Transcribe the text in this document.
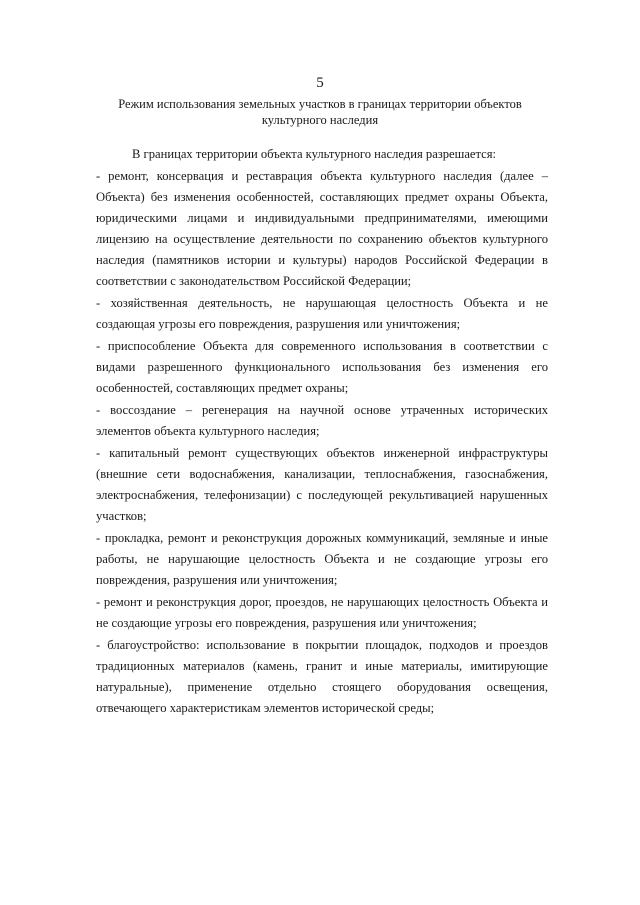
5
Режим использования земельных участков в границах территории объектов культурного наследия

В границах территории объекта культурного наследия разрешается:

- ремонт, консервация и реставрация объекта культурного наследия (далее – Объекта) без изменения особенностей, составляющих предмет охраны Объекта, юридическими лицами и индивидуальными предпринимателями, имеющими лицензию на осуществление деятельности по сохранению объектов культурного наследия (памятников истории и культуры) народов Российской Федерации в соответствии с законодательством Российской Федерации;

- хозяйственная деятельность, не нарушающая целостность Объекта и не создающая угрозы его повреждения, разрушения или уничтожения;

- приспособление Объекта для современного использования в соответствии с видами разрешенного функционального использования без изменения его особенностей, составляющих предмет охраны;

- воссоздание – регенерация на научной основе утраченных исторических элементов объекта культурного наследия;

- капитальный ремонт существующих объектов инженерной инфраструктуры (внешние сети водоснабжения, канализации, теплоснабжения, газоснабжения, электроснабжения, телефонизации) с последующей рекультивацией нарушенных участков;

- прокладка, ремонт и реконструкция дорожных коммуникаций, земляные и иные работы, не нарушающие целостность Объекта и не создающие угрозы его повреждения, разрушения или уничтожения;

- ремонт и реконструкция дорог, проездов, не нарушающих целостность Объекта и не создающие угрозы его повреждения, разрушения или уничтожения;

- благоустройство: использование в покрытии площадок, подходов и проездов традиционных материалов (камень, гранит и иные материалы, имитирующие натуральные), применение отдельно стоящего оборудования освещения, отвечающего характеристикам элементов исторической среды;
